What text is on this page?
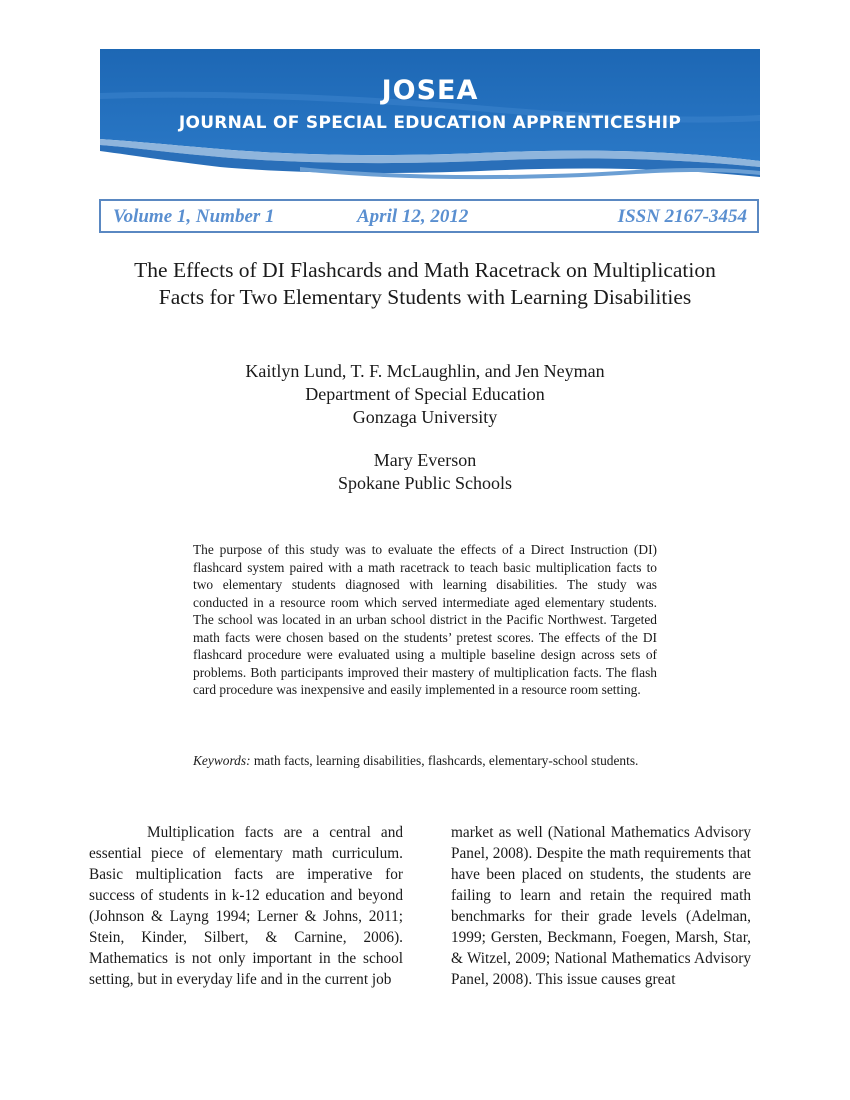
JOSEA
JOURNAL OF SPECIAL EDUCATION APPRENTICESHIP
Volume 1, Number 1	April 12, 2012	ISSN 2167-3454
The Effects of DI Flashcards and Math Racetrack on Multiplication
Facts for Two Elementary Students with Learning Disabilities
Kaitlyn Lund, T. F. McLaughlin, and Jen Neyman
Department of Special Education
Gonzaga University
Mary Everson
Spokane Public Schools

The purpose of this study was to evaluate the effects of a Direct Instruction (DI) flashcard system paired with a math racetrack to teach basic multiplication facts to two elementary students diagnosed with learning disabilities. The study was conducted in a resource room which served intermediate aged elementary students. The school was located in an urban school district in the Pacific Northwest. Targeted math facts were chosen based on the students’ pretest scores. The effects of the DI flashcard procedure were evaluated using a multiple baseline design across sets of problems. Both participants improved their mastery of multiplication facts. The flash card procedure was inexpensive and easily implemented in a resource room setting.

Keywords: math facts, learning disabilities, flashcards, elementary-school students.

Multiplication facts are a central and essential piece of elementary math curriculum. Basic multiplication facts are imperative for success of students in k-12 education and beyond (Johnson & Layng 1994; Lerner & Johns, 2011; Stein, Kinder, Silbert, & Carnine, 2006). Mathematics is not only important in the school setting, but in everyday life and in the current job

market as well (National Mathematics Advisory Panel, 2008). Despite the math requirements that have been placed on students, the students are failing to learn and retain the required math benchmarks for their grade levels (Adelman, 1999; Gersten, Beckmann, Foegen, Marsh, Star, & Witzel, 2009; National Mathematics Advisory Panel, 2008). This issue causes great
